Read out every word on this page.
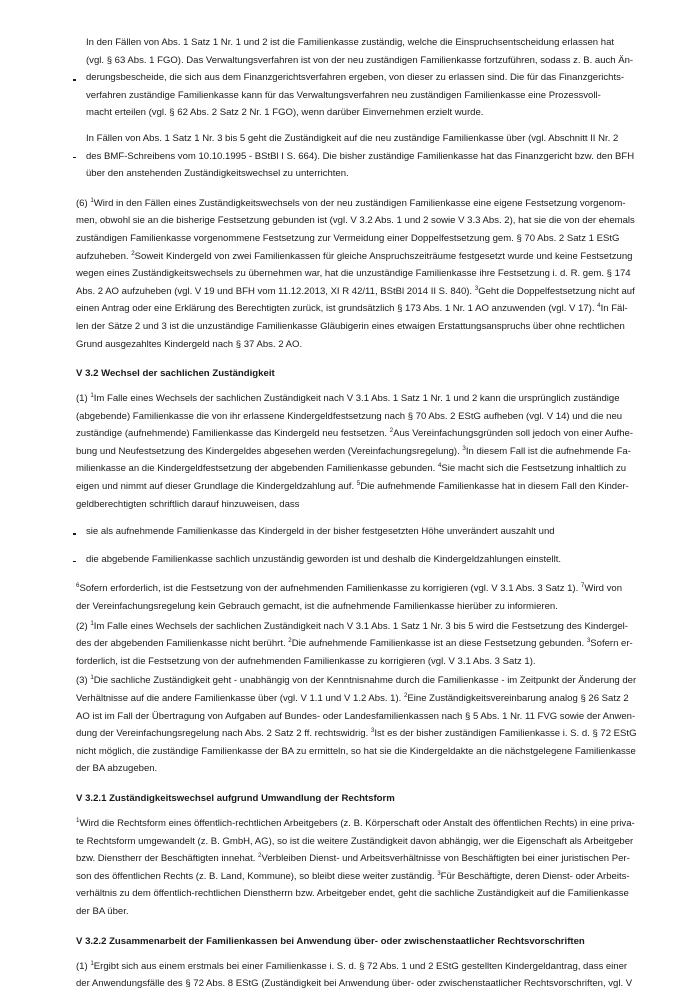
In den Fällen von Abs. 1 Satz 1 Nr. 1 und 2 ist die Familienkasse zuständig, welche die Einspruchsentscheidung erlassen hat
(vgl. § 63 Abs. 1 FGO). Das Verwaltungsverfahren ist von der neu zuständigen Familienkasse fortzuführen, sodass z. B. auch Än-
derungsbescheide, die sich aus dem Finanzgerichtsverfahren ergeben, von dieser zu erlassen sind. Die für das Finanzgerichts-
verfahren zuständige Familienkasse kann für das Verwaltungsverfahren neu zuständigen Familienkasse eine Prozessvoll-
macht erteilen (vgl. § 62 Abs. 2 Satz 2 Nr. 1 FGO), wenn darüber Einvernehmen erzielt wurde.
In Fällen von Abs. 1 Satz 1 Nr. 3 bis 5 geht die Zuständigkeit auf die neu zuständige Familienkasse über (vgl. Abschnitt II Nr. 2
des BMF-Schreibens vom 10.10.1995 - BStBl I S. 664). Die bisher zuständige Familienkasse hat das Finanzgericht bzw. den BFH
über den anstehenden Zuständigkeitswechsel zu unterrichten.
(6) $^1$Wird in den Fällen eines Zuständigkeitswechsels von der neu zuständigen Familienkasse eine eigene Festsetzung vorgenom-
men, obwohl sie an die bisherige Festsetzung gebunden ist (vgl. V 3.2 Abs. 1 und 2 sowie V 3.3 Abs. 2), hat sie die von der ehemals
zuständigen Familienkasse vorgenommene Festsetzung zur Vermeidung einer Doppelfestsetzung gem. § 70 Abs. 2 Satz 1 EStG
aufzuheben. $^2$Soweit Kindergeld von zwei Familienkassen für gleiche Anspruchszeiträume festgesetzt wurde und keine Festsetzung
wegen eines Zuständigkeitswechsels zu übernehmen war, hat die unzuständige Familienkasse ihre Festsetzung i. d. R. gem. § 174
Abs. 2 AO aufzuheben (vgl. V 19 und BFH vom 11.12.2013, XI R 42/11, BStBl 2014 II S. 840). $^3$Geht die Doppelfestsetzung nicht auf
einen Antrag oder eine Erklärung des Berechtigten zurück, ist grundsätzlich § 173 Abs. 1 Nr. 1 AO anzuwenden (vgl. V 17). $^4$In Fäl-
len der Sätze 2 und 3 ist die unzuständige Familienkasse Gläubigerin eines etwaigen Erstattungsanspruchs über ohne rechtlichen
Grund ausgezahltes Kindergeld nach § 37 Abs. 2 AO.

V 3.2 Wechsel der sachlichen Zuständigkeit

(1) $^1$Im Falle eines Wechsels der sachlichen Zuständigkeit nach V 3.1 Abs. 1 Satz 1 Nr. 1 und 2 kann die ursprünglich zuständige
(abgebende) Familienkasse die von ihr erlassene Kindergeldfestsetzung nach § 70 Abs. 2 EStG aufheben (vgl. V 14) und die neu
zuständige (aufnehmende) Familienkasse das Kindergeld neu festsetzen. $^2$Aus Vereinfachungsgründen soll jedoch von einer Aufhe-
bung und Neufestsetzung des Kindergeldes abgesehen werden (Vereinfachungsregelung). $^3$In diesem Fall ist die aufnehmende Fa-
milienkasse an die Kindergeldfestsetzung der abgebenden Familienkasse gebunden. $^4$Sie macht sich die Festsetzung inhaltlich zu
eigen und nimmt auf dieser Grundlage die Kindergeldzahlung auf. $^5$Die aufnehmende Familienkasse hat in diesem Fall den Kinder-
geldberechtigten schriftlich darauf hinzuweisen, dass

sie als aufnehmende Familienkasse das Kindergeld in der bisher festgesetzten Höhe unverändert auszahlt und

die abgebende Familienkasse sachlich unzuständig geworden ist und deshalb die Kindergeldzahlungen einstellt.

$^6$Sofern erforderlich, ist die Festsetzung von der aufnehmenden Familienkasse zu korrigieren (vgl. V 3.1 Abs. 3 Satz 1). $^7$Wird von
der Vereinfachungsregelung kein Gebrauch gemacht, ist die aufnehmende Familienkasse hierüber zu informieren.
(2) $^1$Im Falle eines Wechsels der sachlichen Zuständigkeit nach V 3.1 Abs. 1 Satz 1 Nr. 3 bis 5 wird die Festsetzung des Kindergel-
des der abgebenden Familienkasse nicht berührt. $^2$Die aufnehmende Familienkasse ist an diese Festsetzung gebunden. $^3$Sofern er-
forderlich, ist die Festsetzung von der aufnehmenden Familienkasse zu korrigieren (vgl. V 3.1 Abs. 3 Satz 1).
(3) $^1$Die sachliche Zuständigkeit geht - unabhängig von der Kenntnisnahme durch die Familienkasse - im Zeitpunkt der Änderung der
Verhältnisse auf die andere Familienkasse über (vgl. V 1.1 und V 1.2 Abs. 1). $^2$Eine Zuständigkeitsvereinbarung analog § 26 Satz 2
AO ist im Fall der Übertragung von Aufgaben auf Bundes- oder Landesfamilienkassen nach § 5 Abs. 1 Nr. 11 FVG sowie der Anwen-
dung der Vereinfachungsregelung nach Abs. 2 Satz 2 ff. rechtswidrig. $^3$Ist es der bisher zuständigen Familienkasse i. S. d. § 72 EStG
nicht möglich, die zuständige Familienkasse der BA zu ermitteln, so hat sie die Kindergeldakte an die nächstgelegene Familienkasse
der BA abzugeben.

V 3.2.1 Zuständigkeitswechsel aufgrund Umwandlung der Rechtsform

$^1$Wird die Rechtsform eines öffentlich-rechtlichen Arbeitgebers (z. B. Körperschaft oder Anstalt des öffentlichen Rechts) in eine priva-
te Rechtsform umgewandelt (z. B. GmbH, AG), so ist die weitere Zuständigkeit davon abhängig, wer die Eigenschaft als Arbeitgeber
bzw. Dienstherr der Beschäftigten innehat. $^2$Verbleiben Dienst- und Arbeitsverhältnisse von Beschäftigten bei einer juristischen Per-
son des öffentlichen Rechts (z. B. Land, Kommune), so bleibt diese weiter zuständig. $^3$Für Beschäftigte, deren Dienst- oder Arbeits-
verhältnis zu dem öffentlich-rechtlichen Dienstherrn bzw. Arbeitgeber endet, geht die sachliche Zuständigkeit auf die Familienkasse
der BA über.

V 3.2.2 Zusammenarbeit der Familienkassen bei Anwendung über- oder zwischenstaatlicher Rechtsvorschriften

(1) $^1$Ergibt sich aus einem erstmals bei einer Familienkasse i. S. d. § 72 Abs. 1 und 2 EStG gestellten Kindergeldantrag, dass einer
der Anwendungsfälle des § 72 Abs. 8 EStG (Zuständigkeit bei Anwendung über- oder zwischenstaatlicher Rechtsvorschriften, vgl. V
